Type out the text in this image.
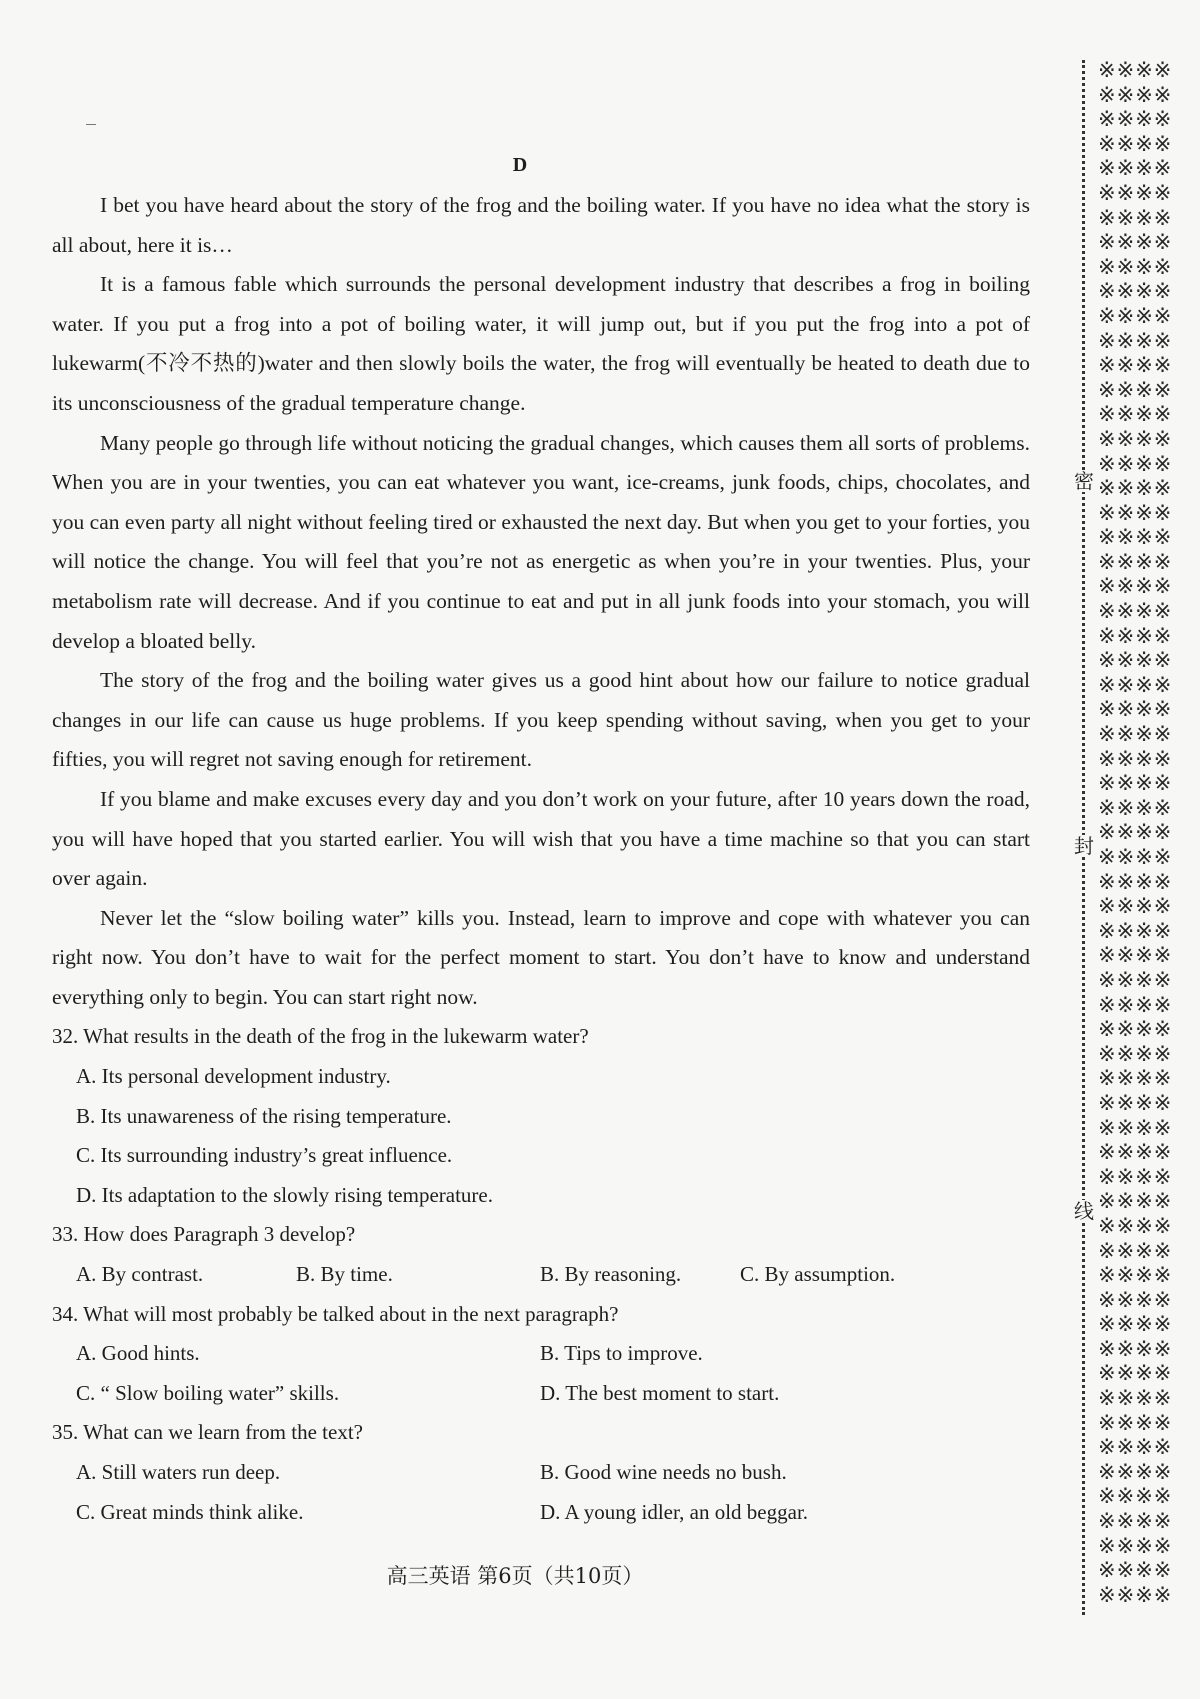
D

I bet you have heard about the story of the frog and the boiling water. If you have no idea what the story is all about, here it is…

It is a famous fable which surrounds the personal development industry that describes a frog in boiling water. If you put a frog into a pot of boiling water, it will jump out, but if you put the frog into a pot of lukewarm(不冷不热的)water and then slowly boils the water, the frog will eventually be heated to death due to its unconsciousness of the gradual temperature change.

Many people go through life without noticing the gradual changes, which causes them all sorts of problems. When you are in your twenties, you can eat whatever you want, ice-creams, junk foods, chips, chocolates, and you can even party all night without feeling tired or exhausted the next day. But when you get to your forties, you will notice the change. You will feel that you’re not as energetic as when you’re in your twenties. Plus, your metabolism rate will decrease. And if you continue to eat and put in all junk foods into your stomach, you will develop a bloated belly.

The story of the frog and the boiling water gives us a good hint about how our failure to notice gradual changes in our life can cause us huge problems. If you keep spending without saving, when you get to your fifties, you will regret not saving enough for retirement.

If you blame and make excuses every day and you don’t work on your future, after 10 years down the road, you will have hoped that you started earlier. You will wish that you have a time machine so that you can start over again.

Never let the “slow boiling water” kills you. Instead, learn to improve and cope with whatever you can right now. You don’t have to wait for the perfect moment to start. You don’t have to know and understand everything only to begin. You can start right now.

32. What results in the death of the frog in the lukewarm water?

A. Its personal development industry.

B. Its unawareness of the rising temperature.

C. Its surrounding industry’s great influence.

D. Its adaptation to the slowly rising temperature.

33. How does Paragraph 3 develop?

A. By contrast.	B. By time.	B. By reasoning.	C. By assumption.

34. What will most probably be talked about in the next paragraph?

A. Good hints.	B. Tips to improve.
C. “ Slow boiling water” skills.	D. The best moment to start.

35. What can we learn from the text?

A. Still waters run deep.	B. Good wine needs no bush.
C. Great minds think alike.	D. A young idler, an old beggar.
高三英语 第6页（共10页）
※※※※
※※※※
※※※※
※※※※
※※※※
※※※※
※※※※
※※※※
※※※※
※※※※
※※※※
※※※※
※※※※
※※※※
※※※※
※※※※
※※※※
※※※※
※※※※
※※※※
※※※※
※※※※
※※※※
※※※※
※※※※
※※※※
※※※※
※※※※
※※※※
※※※※
※※※※
※※※※
※※※※
※※※※
※※※※
※※※※
※※※※
※※※※
※※※※
※※※※
※※※※
※※※※
※※※※
※※※※
※※※※
※※※※
※※※※
※※※※
※※※※
※※※※
※※※※
※※※※
※※※※
※※※※
※※※※
※※※※
※※※※
※※※※
※※※※
※※※※
※※※※
※※※※
※※※※
密
封
线
